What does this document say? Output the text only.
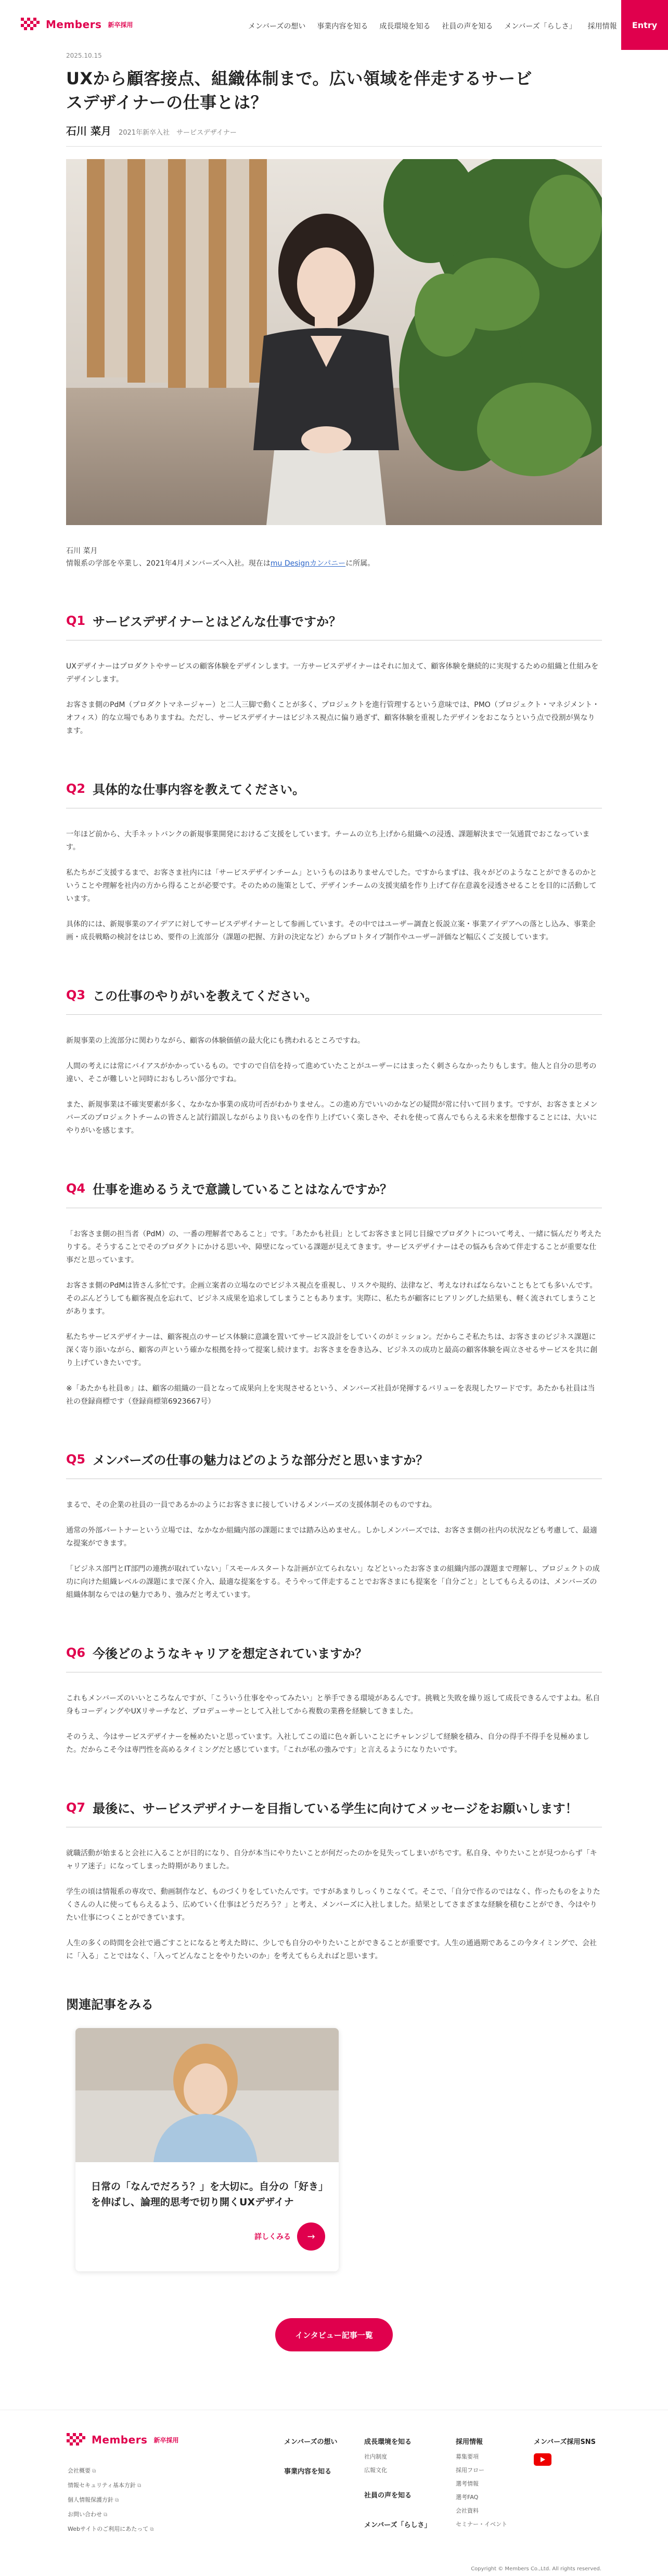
Members 新卒採用	メンバーズの想い 事業内容を知る 成長環境を知る 社員の声を知る メンバーズ「らしさ」 採用情報	Entry
2025.10.15
UXから顧客接点、組織体制まで。広い領域を伴走するサービ
スデザイナーの仕事とは？
石川 菜月 2021年新卒入社　サービスデザイナー
石川 菜月
情報系の学部を卒業し、2021年4月メンバーズへ入社。現在はmu Designカンパニーに所属。
Q1 サービスデザイナーとはどんな仕事ですか？

UXデザイナーはプロダクトやサービスの顧客体験をデザインします。一方サービスデザイナーはそれに加えて、顧客体験を継続的に実現するための組織と仕組みをデザインします。

お客さま側のPdM（プロダクトマネージャー）と二人三脚で動くことが多く、プロジェクトを進行管理するという意味では、PMO（プロジェクト・マネジメント・オフィス）的な立場でもありますね。ただし、サービスデザイナーはビジネス視点に偏り過ぎず、顧客体験を重視したデザインをおこなうという点で役割が異なります。

Q2 具体的な仕事内容を教えてください。

一年ほど前から、大手ネットバンクの新規事業開発におけるご支援をしています。チームの立ち上げから組織への浸透、課題解決まで一気通貫でおこなっています。

私たちがご支援するまで、お客さま社内には「サービスデザインチーム」というものはありませんでした。ですからまずは、我々がどのようなことができるのかということや理解を社内の方から得ることが必要です。そのための施策として、デザインチームの支援実績を作り上げて存在意義を浸透させることを目的に活動しています。

具体的には、新規事業のアイデアに対してサービスデザイナーとして参画しています。その中ではユーザー調査と仮説立案・事業アイデアへの落とし込み、事業企画・成長戦略の検討をはじめ、要件の上流部分（課題の把握、方針の決定など）からプロトタイプ制作やユーザー評価など幅広くご支援しています。

Q3 この仕事のやりがいを教えてください。

新規事業の上流部分に関わりながら、顧客の体験価値の最大化にも携われるところですね。

人間の考えには常にバイアスがかかっているもの。ですので自信を持って進めていたことがユーザーにはまったく刺さらなかったりもします。他人と自分の思考の違い、そこが難しいと同時におもしろい部分ですね。

また、新規事業は不確実要素が多く、なかなか事業の成功可否がわかりません。この進め方でいいのかなどの疑問が常に付いて回ります。ですが、お客さまとメンバーズのプロジェクトチームの皆さんと試行錯誤しながらより良いものを作り上げていく楽しさや、それを使って喜んでもらえる未来を想像することには、大いにやりがいを感じます。

Q4 仕事を進めるうえで意識していることはなんですか？

「お客さま側の担当者（PdM）の、一番の理解者であること」です。「あたかも社員」としてお客さまと同じ目線でプロダクトについて考え、一緒に悩んだり考えたりする。そうすることでそのプロダクトにかける思いや、障壁になっている課題が見えてきます。サービスデザイナーはその悩みも含めて伴走することが重要な仕事だと思っています。

お客さま側のPdMは皆さん多忙です。企画立案者の立場なのでビジネス視点を重視し、リスクや規約、法律など、考えなければならないこともとても多いんです。そのぶんどうしても顧客視点を忘れて、ビジネス成果を追求してしまうこともあります。実際に、私たちが顧客にヒアリングした結果も、軽く流されてしまうことがあります。

私たちサービスデザイナーは、顧客視点のサービス体験に意識を置いてサービス設計をしていくのがミッション。だからこそ私たちは、お客さまのビジネス課題に深く寄り添いながら、顧客の声という確かな根拠を持って提案し続けます。お客さまを巻き込み、ビジネスの成功と最高の顧客体験を両立させるサービスを共に創り上げていきたいです。

※「あたかも社員®」は、顧客の組織の一員となって成果向上を実現させるという、メンバーズ社員が発揮するバリューを表現したワードです。あたかも社員は当社の登録商標です（登録商標第6923667号）

Q5 メンバーズの仕事の魅力はどのような部分だと思いますか？

まるで、その企業の社員の一員であるかのようにお客さまに接していけるメンバーズの支援体制そのものですね。

通常の外部パートナーという立場では、なかなか組織内部の課題にまでは踏み込めません。しかしメンバーズでは、お客さま側の社内の状況なども考慮して、最適な提案ができます。

「ビジネス部門とIT部門の連携が取れていない」「スモールスタートな計画が立てられない」などといったお客さまの組織内部の課題まで理解し、プロジェクトの成功に向けた組織レベルの課題にまで深く介入、最適な提案をする。そうやって伴走することでお客さまにも提案を「自分ごと」としてもらえるのは、メンバーズの組織体制ならではの魅力であり、強みだと考えています。

Q6 今後どのようなキャリアを想定されていますか？

これもメンバーズのいいところなんですが、「こういう仕事をやってみたい」と挙手できる環境があるんです。挑戦と失敗を繰り返して成長できるんですよね。私自身もコーディングやUXリサーチなど、プロデューサーとして入社してから複数の業務を経験してきました。

そのうえ、今はサービスデザイナーを極めたいと思っています。入社してこの道に色々新しいことにチャレンジして経験を積み、自分の得手不得手を見極めました。だからこそ今は専門性を高めるタイミングだと感じています。「これが私の強みです」と言えるようになりたいです。

Q7 最後に、サービスデザイナーを目指している学生に向けてメッセージをお願いします！

就職活動が始まると会社に入ることが目的になり、自分が本当にやりたいことが何だったのかを見失ってしまいがちです。私自身、やりたいことが見つからず「キャリア迷子」になってしまった時期がありました。

学生の頃は情報系の専攻で、動画制作など、ものづくりをしていたんです。ですがあまりしっくりこなくて。そこで、「自分で作るのではなく、作ったものをよりたくさんの人に使ってもらえるよう、広めていく仕事はどうだろう？」と考え、メンバーズに入社しました。結果としてさまざまな経験を積むことができ、今はやりたい仕事につくことができています。

人生の多くの時間を会社で過ごすことになると考えた時に、少しでも自分のやりたいことができることが重要です。人生の通過期であるこの今タイミングで、会社に「入る」ことではなく、「入ってどんなことをやりたいのか」を考えてもらえればと思います。

関連記事をみる
日常の「なんでだろう？」を大切に。自分の「好き」を伸ばし、論理的思考で切り開くUXデザイナ
詳しくみる	→
インタビュー記事一覧
Members 新卒採用
会社概要 ⧉
情報セキュリティ基本方針 ⧉
個人情報保護方針 ⧉
お問い合わせ ⧉
Webサイトのご利用にあたって ⧉
メンバーズの想い
事業内容を知る
成長環境を知る
社内制度
広報文化
社員の声を知る
メンバーズ「らしさ」
採用情報
募集要項
採用フロー
選考情報
選考FAQ
会社資料
セミナー・イベント
メンバーズ採用SNS
Copyright © Members Co.,Ltd. All rights reserved.
